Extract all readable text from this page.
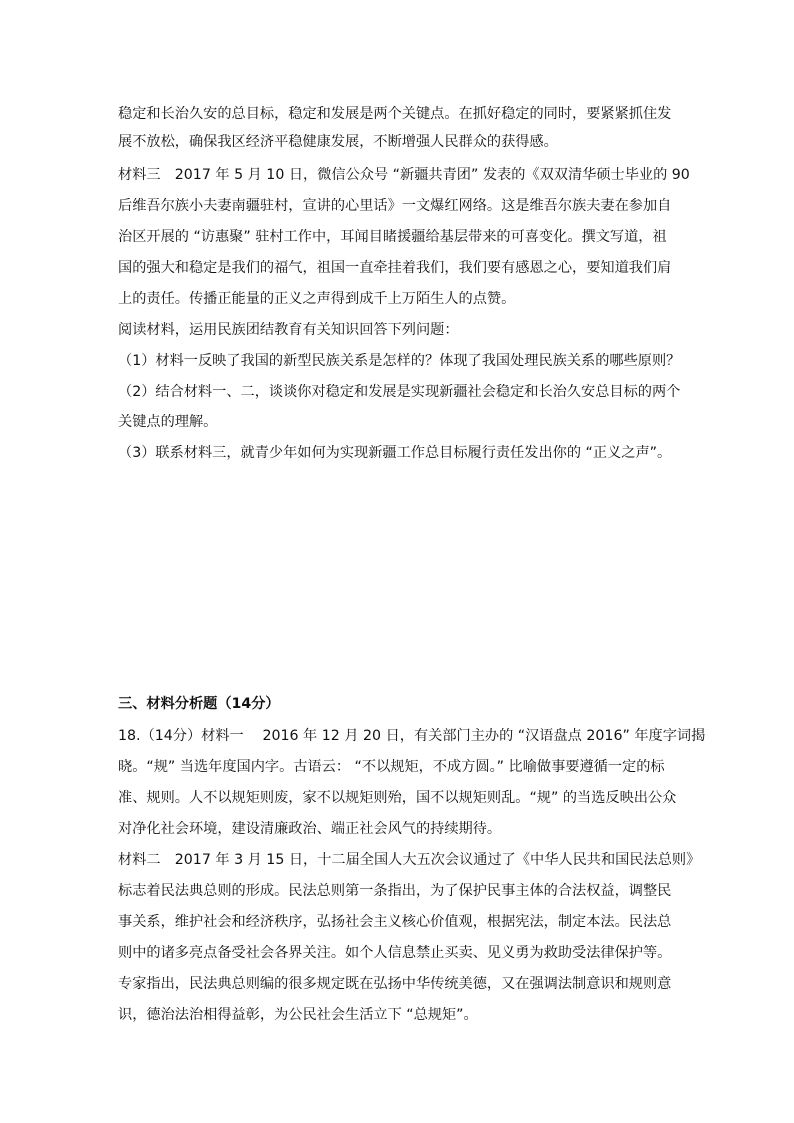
稳定和长治久安的总目标，稳定和发展是两个关键点。在抓好稳定的同时，要紧紧抓住发
展不放松，确保我区经济平稳健康发展，不断增强人民群众的获得感。
材料三　2017 年 5 月 10 日，微信公众号 “新疆共青团” 发表的《双双清华硕士毕业的 90
后维吾尔族小夫妻南疆驻村，宣讲的心里话》一文爆红网络。这是维吾尔族夫妻在参加自
治区开展的 “访惠聚” 驻村工作中，耳闻目睹援疆给基层带来的可喜变化。撰文写道，祖
国的强大和稳定是我们的福气，祖国一直牵挂着我们，我们要有感恩之心，要知道我们肩
上的责任。传播正能量的正义之声得到成千上万陌生人的点赞。
阅读材料，运用民族团结教育有关知识回答下列问题：
（1）材料一反映了我国的新型民族关系是怎样的？体现了我国处理民族关系的哪些原则？
（2）结合材料一、二，谈谈你对稳定和发展是实现新疆社会稳定和长治久安总目标的两个
关键点的理解。
（3）联系材料三，就青少年如何为实现新疆工作总目标履行责任发出你的 “正义之声”。
三、材料分析题（14分）
18.（14分）材料一　 2016 年 12 月 20 日，有关部门主办的 “汉语盘点 2016” 年度字词揭
晓。“规” 当选年度国内字。古语云： “不以规矩，不成方圆。” 比喻做事要遵循一定的标
准、规则。人不以规矩则废，家不以规矩则殆，国不以规矩则乱。“规” 的当选反映出公众
对净化社会环境，建设清廉政治、端正社会风气的持续期待。
材料二　2017 年 3 月 15 日，十二届全国人大五次会议通过了《中华人民共和国民法总则》
标志着民法典总则的形成。民法总则第一条指出，为了保护民事主体的合法权益，调整民
事关系，维护社会和经济秩序，弘扬社会主义核心价值观，根据宪法，制定本法。民法总
则中的诸多亮点备受社会各界关注。如个人信息禁止买卖、见义勇为救助受法律保护等。
专家指出，民法典总则编的很多规定既在弘扬中华传统美德，又在强调法制意识和规则意
识，德治法治相得益彰，为公民社会生活立下 “总规矩”。
